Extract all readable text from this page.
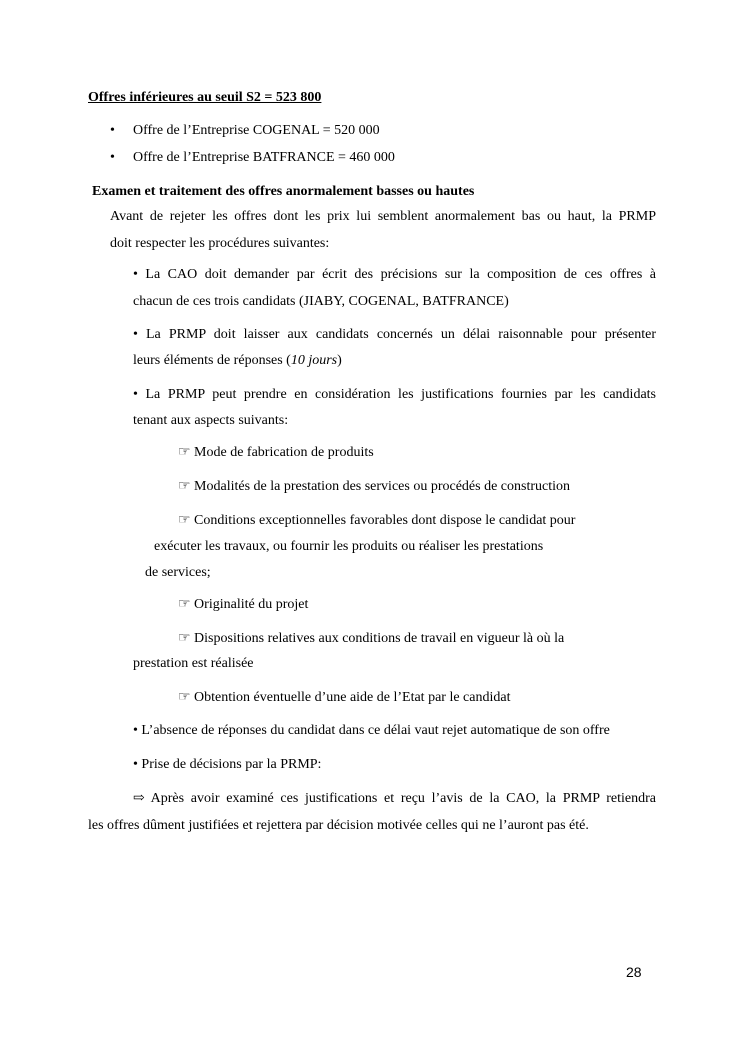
Offres inférieures au seuil S2 = 523 800
• Offre de l’Entreprise COGENAL = 520 000
• Offre de l’Entreprise BATFRANCE = 460 000
Examen et traitement des offres anormalement basses ou hautes
Avant de rejeter les offres dont les prix lui semblent anormalement bas ou haut, la PRMP
doit respecter les procédures suivantes:
• La CAO doit demander par écrit des précisions sur la composition de ces offres à
chacun de ces trois candidats (JIABY, COGENAL, BATFRANCE)
• La PRMP doit laisser aux candidats concernés un délai raisonnable pour présenter
leurs éléments de réponses (10 jours)
• La PRMP peut prendre en considération les justifications fournies par les candidats
tenant aux aspects suivants:
☞ Mode de fabrication de produits
☞ Modalités de la prestation des services ou procédés de construction
☞ Conditions exceptionnelles favorables dont dispose le candidat pour
exécuter les travaux, ou fournir les produits ou réaliser les prestations
de services;
☞ Originalité du projet
☞ Dispositions relatives aux conditions de travail en vigueur là où la
prestation est réalisée
☞ Obtention éventuelle d’une aide de l’Etat par le candidat
• L’absence de réponses du candidat dans ce délai vaut rejet automatique de son offre
• Prise de décisions par la PRMP:
⇨ Après avoir examiné ces justifications et reçu l’avis de la CAO, la PRMP retiendra
les offres dûment justifiées et rejettera par décision motivée celles qui ne l’auront pas été.
28
